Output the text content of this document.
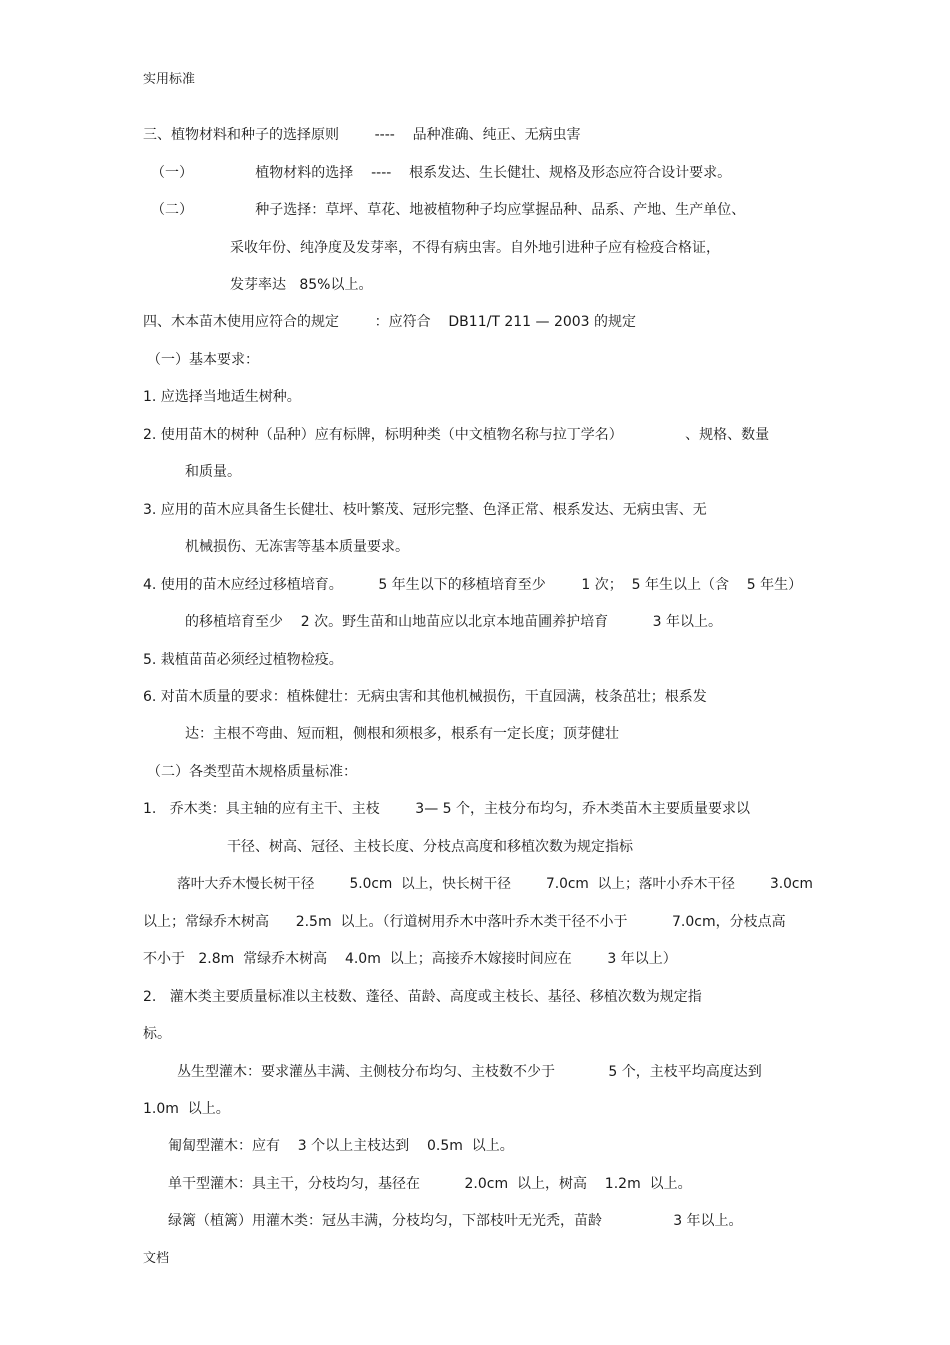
实用标准
三、植物材料和种子的选择原则        ----    品种准确、纯正、无病虫害
（一）              植物材料的选择    ----    根系发达、生长健壮、规格及形态应符合设计要求。
（二）              种子选择：草坪、草花、地被植物种子均应掌握品种、品系、产地、生产单位、
采收年份、纯净度及发芽率，不得有病虫害。自外地引进种子应有检疫合格证，
发芽率达   85%以上。
四、木本苗木使用应符合的规定        ：应符合    DB11/T 211 — 2003 的规定
（一）基本要求：
1. 应选择当地适生树种。
2. 使用苗木的树种（品种）应有标牌，标明种类（中文植物名称与拉丁学名）              、规格、数量
和质量。
3. 应用的苗木应具备生长健壮、枝叶繁茂、冠形完整、色泽正常、根系发达、无病虫害、无
机械损伤、无冻害等基本质量要求。
4. 使用的苗木应经过移植培育。        5 年生以下的移植培育至少        1 次；  5 年生以上（含    5 年生）
的移植培育至少    2 次。野生苗和山地苗应以北京本地苗圃养护培育          3 年以上。
5. 栽植苗苗必须经过植物检疫。
6. 对苗木质量的要求：植株健壮：无病虫害和其他机械损伤，干直园满，枝条茁壮；根系发
达：主根不弯曲、短而粗，侧根和须根多，根系有一定长度；顶芽健壮
（二）各类型苗木规格质量标准：
1.   乔木类：具主轴的应有主干、主枝        3— 5 个，主枝分布均匀，乔木类苗木主要质量要求以
干径、树高、冠径、主枝长度、分枝点高度和移植次数为规定指标
落叶大乔木慢长树干径        5.0cm  以上，快长树干径        7.0cm  以上；落叶小乔木干径        3.0cm
以上；常绿乔木树高      2.5m  以上。（行道树用乔木中落叶乔木类干径不小于          7.0cm，分枝点高
不小于   2.8m  常绿乔木树高    4.0m  以上；高接乔木嫁接时间应在        3 年以上）
2.   灌木类主要质量标准以主枝数、蓬径、苗龄、高度或主枝长、基径、移植次数为规定指
标。
丛生型灌木：要求灌丛丰满、主侧枝分布均匀、主枝数不少于            5 个，主枝平均高度达到
1.0m  以上。
匍匐型灌木：应有    3 个以上主枝达到    0.5m  以上。
单干型灌木：具主干，分枝均匀，基径在          2.0cm  以上，树高    1.2m  以上。
绿篱（植篱）用灌木类：冠丛丰满，分枝均匀，下部枝叶无光秃，苗龄                3 年以上。
文档
